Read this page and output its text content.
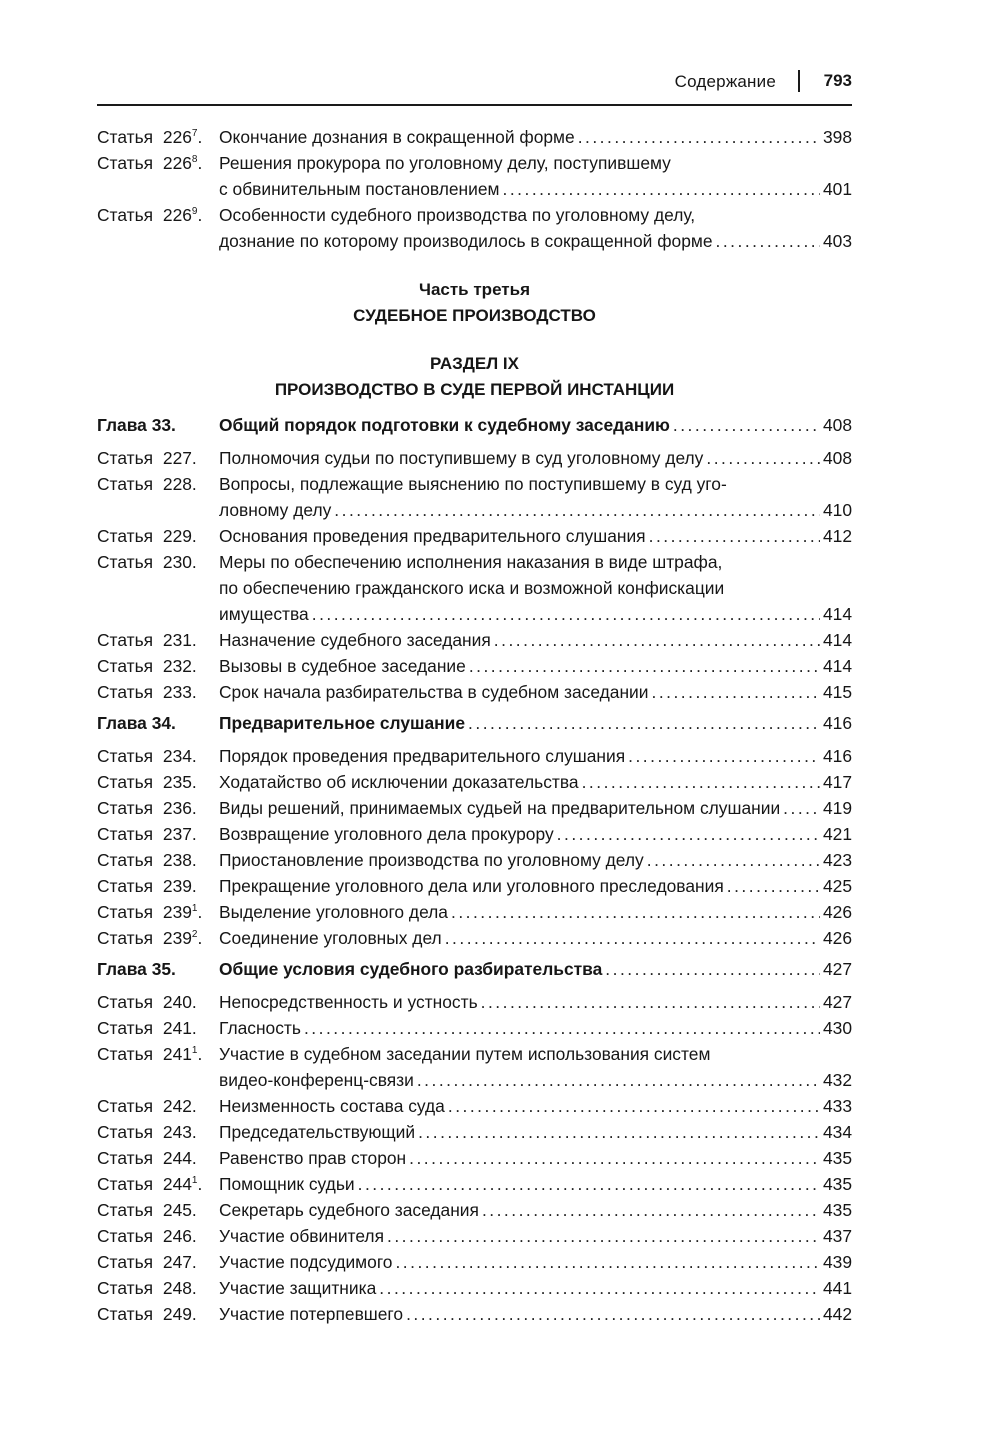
Содержание	793
Статья $226^7$. Окончание дознания в сокращенной форме .....	398
Статья $226^8$. Решения прокурора по уголовному делу, поступившему
с обвинительным постановлением .....	401
Статья $226^9$. Особенности судебного производства по уголовному делу,
дознание по которому производилось в сокращенной форме .....	403
Часть третья
СУДЕБНОЕ ПРОИЗВОДСТВО
РАЗДЕЛ IX
ПРОИЗВОДСТВО В СУДЕ ПЕРВОЙ ИНСТАНЦИИ
Глава 33.	Общий порядок подготовки к судебному заседанию .....	408
Статья 227.	Полномочия судьи по поступившему в суд уголовному делу .....	408
Статья 228.	Вопросы, подлежащие выяснению по поступившему в суд уго-
ловному делу .....	410
Статья 229.	Основания проведения предварительного слушания .....	412
Статья 230.	Меры по обеспечению исполнения наказания в виде штрафа,
по обеспечению гражданского иска и возможной конфискации
имущества .....	414
Статья 231.	Назначение судебного заседания .....	414
Статья 232.	Вызовы в судебное заседание .....	414
Статья 233.	Срок начала разбирательства в судебном заседании .....	415
Глава 34.	Предварительное слушание .....	416
Статья 234.	Порядок проведения предварительного слушания .....	416
Статья 235.	Ходатайство об исключении доказательства .....	417
Статья 236.	Виды решений, принимаемых судьей на предварительном слушании ..... 419
Статья 237.	Возвращение уголовного дела прокурору .....	421
Статья 238.	Приостановление производства по уголовному делу .....	423
Статья 239.	Прекращение уголовного дела или уголовного преследования .....	425
Статья $239^1$. Выделение уголовного дела .....	426
Статья $239^2$. Соединение уголовных дел .....	426
Глава 35.	Общие условия судебного разбирательства .....	427
Статья 240.	Непосредственность и устность .....	427
Статья 241.	Гласность .....	430
Статья $241^1$. Участие в судебном заседании путем использования систем
видео-конференц-связи .....	432
Статья 242.	Неизменность состава суда .....	433
Статья 243.	Председательствующий .....	434
Статья 244.	Равенство прав сторон .....	435
Статья $244^1$. Помощник судьи .....	435
Статья 245.	Секретарь судебного заседания .....	435
Статья 246.	Участие обвинителя .....	437
Статья 247.	Участие подсудимого .....	439
Статья 248.	Участие защитника .....	441
Статья 249.	Участие потерпевшего .....	442
